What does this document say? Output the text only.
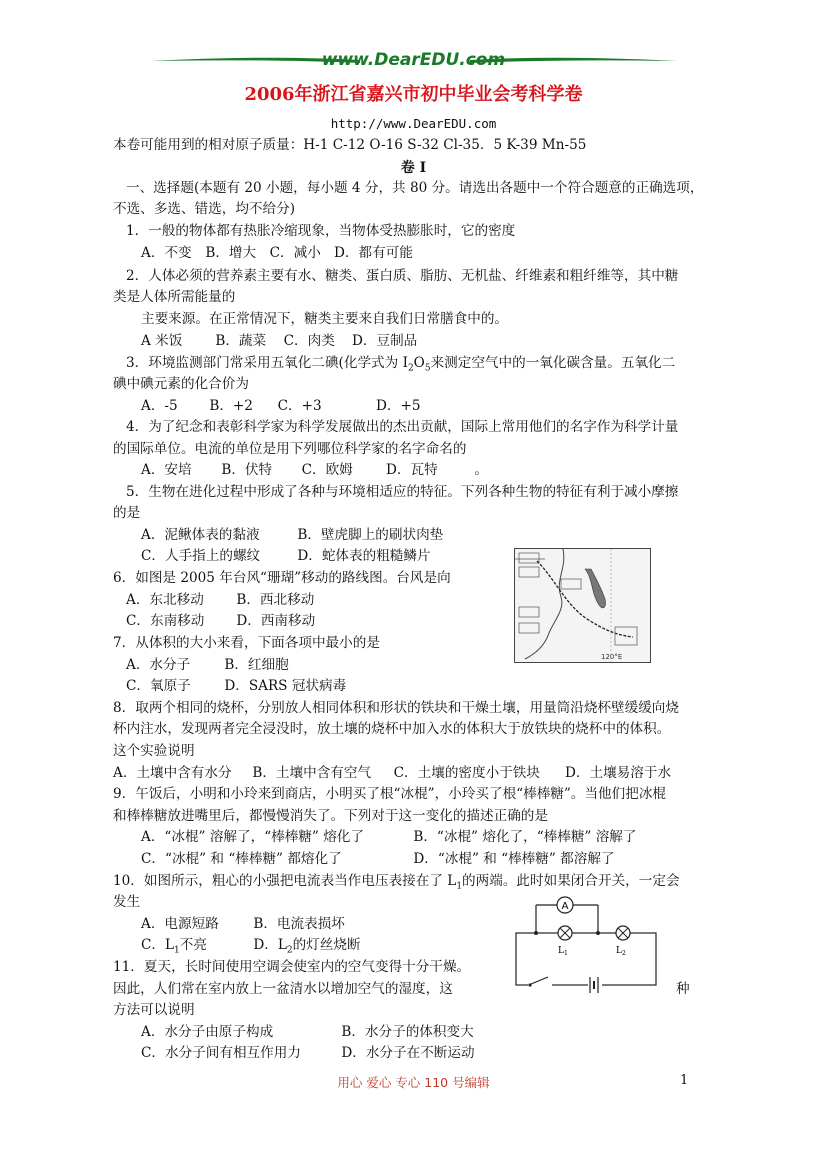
www.DearEDU.com
2006年浙江省嘉兴市初中毕业会考科学卷
http://www.DearEDU.com
本卷可能用到的相对原子质量：H-1 C-12 O-16 S-32 Cl-35．5 K-39 Mn-55
卷 Ⅰ
一、选择题(本题有 20 小题，每小题 4 分，共 80 分。请选出各题中一个符合题意的正确选项，
不选、多选、错选，均不给分)
1．一般的物体都有热胀冷缩现象，当物体受热膨胀时，它的密度
A．不变 B．增大 C．减小 D．都有可能
2．人体必须的营养素主要有水、糖类、蛋白质、脂肪、无机盐、纤维素和粗纤维等，其中糖
类是人体所需能量的
主要来源。在正常情况下，糖类主要来自我们日常膳食中的。
A 米饭 B．蔬菜 C．肉类 D．豆制品
3．环境监测部门常采用五氧化二碘(化学式为 $I_2O_5$来测定空气中的一氧化碳含量。五氧化二
碘中碘元素的化合价为
A．-5 B．+2 C．+3	D．+5
4．为了纪念和表彰科学家为科学发展做出的杰出贡献，国际上常用他们的名字作为科学计量
的国际单位。电流的单位是用下列哪位科学家的名字命名的
A．安培 B．伏特 C．欧姆 D．瓦特	。
5．生物在进化过程中形成了各种与环境相适应的特征。下列各种生物的特征有利于减小摩擦
的是
A．泥鳅体表的黏液	B．壁虎脚上的刷状肉垫
C．人手指上的螺纹	D．蛇体表的粗糙鳞片
120°E
6．如图是 2005 年台风“珊瑚”移动的路线图。台风是向
A．东北移动 B．西北移动
C．东南移动 D．西南移动
7．从体积的大小来看，下面各项中最小的是
A．水分子	B．红细胞
C．氧原子 D．SARS 冠状病毒
8．取两个相同的烧杯，分别放人相同体积和形状的铁块和干燥土壤，用量筒沿烧杯壁缓缓向烧
杯内注水，发现两者完全浸没时，放土壤的烧杯中加入水的体积大于放铁块的烧杯中的体积。
这个实验说明
A．土壤中含有水分 B．土壤中含有空气 C．土壤的密度小于铁块 D．土壤易溶于水
9．午饭后，小明和小玲来到商店，小明买了根“冰棍”，小玲买了根“棒棒糖”。当他们把冰棍
和棒棒糖放进嘴里后，都慢慢消失了。下列对于这一变化的描述正确的是
A．“冰棍” 溶解了，“棒棒糖” 熔化了	B．“冰棍” 熔化了，“棒棒糖” 溶解了
C．“冰棍” 和 “棒棒糖” 都熔化了	D．“冰棍” 和 “棒棒糖” 都溶解了
10．如图所示，粗心的小强把电流表当作电压表接在了 $L_1$的两端。此时如果闭合开关，一定会
发生
A．电源短路	B．电流表损坏
C．$L_1$不亮	D．$L_2$的灯丝烧断
A
$L_1$	$L_2$
11．夏天，长时间使用空调会使室内的空气变得十分干燥。
因此，人们常在室内放上一盆清水以增加空气的湿度，这	种
方法可以说明
A．水分子由原子构成	B．水分子的体积变大
C．水分子间有相互作用力	D．水分子在不断运动
用心 爱心 专心 110 号编辑	1
